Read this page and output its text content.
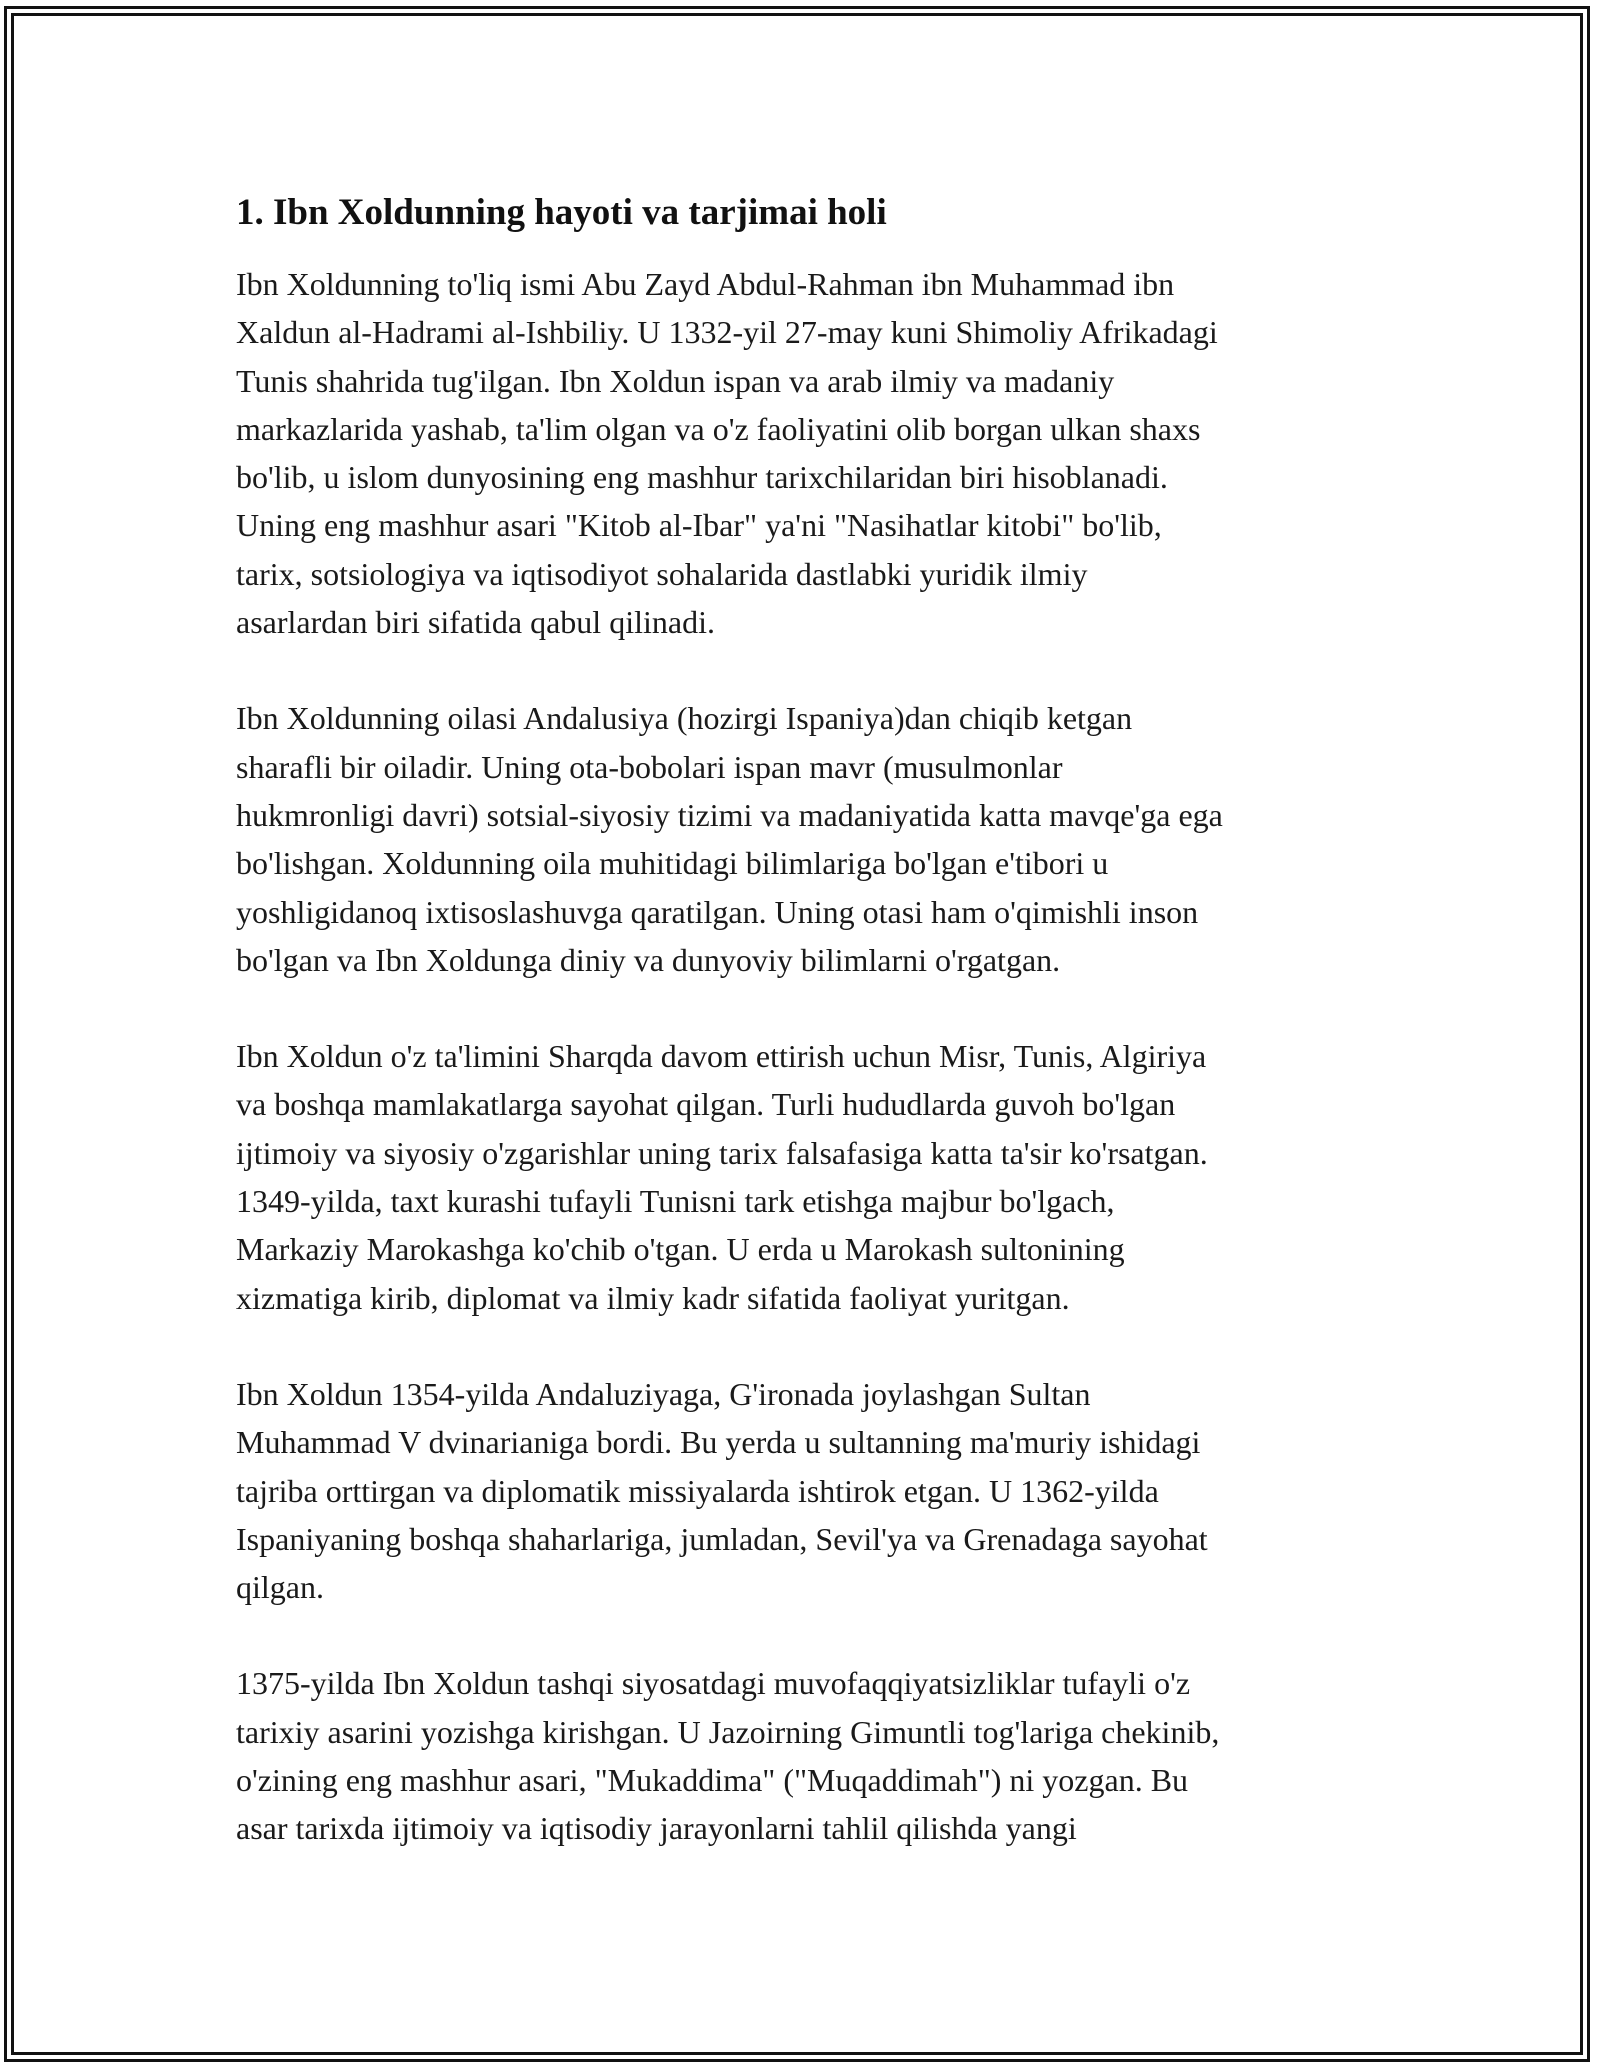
1. Ibn Xoldunning hayoti va tarjimai holi

Ibn Xoldunning to'liq ismi Abu Zayd Abdul-Rahman ibn Muhammad ibn
Xaldun al-Hadrami al-Ishbiliy. U 1332-yil 27-may kuni Shimoliy Afrikadagi
Tunis shahrida tug'ilgan. Ibn Xoldun ispan va arab ilmiy va madaniy
markazlarida yashab, ta'lim olgan va o'z faoliyatini olib borgan ulkan shaxs
bo'lib, u islom dunyosining eng mashhur tarixchilaridan biri hisoblanadi.
Uning eng mashhur asari "Kitob al-Ibar" ya'ni "Nasihatlar kitobi" bo'lib,
tarix, sotsiologiya va iqtisodiyot sohalarida dastlabki yuridik ilmiy
asarlardan biri sifatida qabul qilinadi.

Ibn Xoldunning oilasi Andalusiya (hozirgi Ispaniya)dan chiqib ketgan
sharafli bir oiladir. Uning ota-bobolari ispan mavr (musulmonlar
hukmronligi davri) sotsial-siyosiy tizimi va madaniyatida katta mavqe'ga ega
bo'lishgan. Xoldunning oila muhitidagi bilimlariga bo'lgan e'tibori u
yoshligidanoq ixtisoslashuvga qaratilgan. Uning otasi ham o'qimishli inson
bo'lgan va Ibn Xoldunga diniy va dunyoviy bilimlarni o'rgatgan.

Ibn Xoldun o'z ta'limini Sharqda davom ettirish uchun Misr, Tunis, Algiriya
va boshqa mamlakatlarga sayohat qilgan. Turli hududlarda guvoh bo'lgan
ijtimoiy va siyosiy o'zgarishlar uning tarix falsafasiga katta ta'sir ko'rsatgan.
1349-yilda, taxt kurashi tufayli Tunisni tark etishga majbur bo'lgach,
Markaziy Marokashga ko'chib o'tgan. U erda u Marokash sultonining
xizmatiga kirib, diplomat va ilmiy kadr sifatida faoliyat yuritgan.

Ibn Xoldun 1354-yilda Andaluziyaga, G'ironada joylashgan Sultan
Muhammad V dvinarianiga bordi. Bu yerda u sultanning ma'muriy ishidagi
tajriba orttirgan va diplomatik missiyalarda ishtirok etgan. U 1362-yilda
Ispaniyaning boshqa shaharlariga, jumladan, Sevil'ya va Grenadaga sayohat
qilgan.

1375-yilda Ibn Xoldun tashqi siyosatdagi muvofaqqiyatsizliklar tufayli o'z
tarixiy asarini yozishga kirishgan. U Jazoirning Gimuntli tog'lariga chekinib,
o'zining eng mashhur asari, "Mukaddima" ("Muqaddimah") ni yozgan. Bu
asar tarixda ijtimoiy va iqtisodiy jarayonlarni tahlil qilishda yangi
